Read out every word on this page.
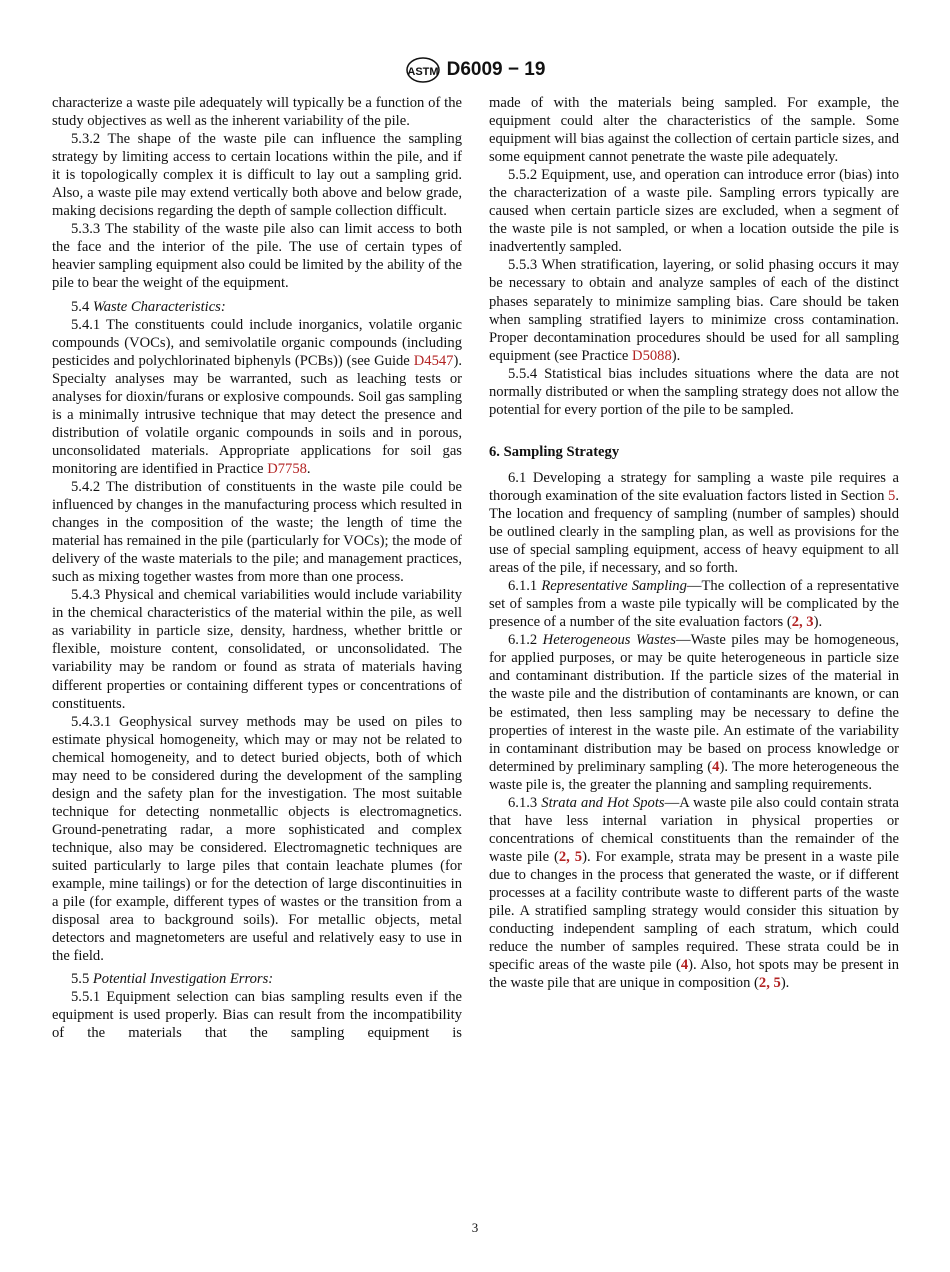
ASTM D6009 − 19

characterize a waste pile adequately will typically be a function of the study objectives as well as the inherent variability of the pile.

5.3.2 The shape of the waste pile can influence the sampling strategy by limiting access to certain locations within the pile, and if it is topologically complex it is difficult to lay out a sampling grid. Also, a waste pile may extend vertically both above and below grade, making decisions regarding the depth of sample collection difficult.

5.3.3 The stability of the waste pile also can limit access to both the face and the interior of the pile. The use of certain types of heavier sampling equipment also could be limited by the ability of the pile to bear the weight of the equipment.

5.4 Waste Characteristics:

5.4.1 The constituents could include inorganics, volatile organic compounds (VOCs), and semivolatile organic compounds (including pesticides and polychlorinated biphenyls (PCBs)) (see Guide D4547). Specialty analyses may be warranted, such as leaching tests or analyses for dioxin/furans or explosive compounds. Soil gas sampling is a minimally intrusive technique that may detect the presence and distribution of volatile organic compounds in soils and in porous, unconsolidated materials. Appropriate applications for soil gas monitoring are identified in Practice D7758.

5.4.2 The distribution of constituents in the waste pile could be influenced by changes in the manufacturing process which resulted in changes in the composition of the waste; the length of time the material has remained in the pile (particularly for VOCs); the mode of delivery of the waste materials to the pile; and management practices, such as mixing together wastes from more than one process.

5.4.3 Physical and chemical variabilities would include variability in the chemical characteristics of the material within the pile, as well as variability in particle size, density, hardness, whether brittle or flexible, moisture content, consolidated, or unconsolidated. The variability may be random or found as strata of materials having different properties or containing different types or concentrations of constituents.

5.4.3.1 Geophysical survey methods may be used on piles to estimate physical homogeneity, which may or may not be related to chemical homogeneity, and to detect buried objects, both of which may need to be considered during the development of the sampling design and the safety plan for the investigation. The most suitable technique for detecting nonmetallic objects is electromagnetics. Ground-penetrating radar, a more sophisticated and complex technique, also may be considered. Electromagnetic techniques are suited particularly to large piles that contain leachate plumes (for example, mine tailings) or for the detection of large discontinuities in a pile (for example, different types of wastes or the transition from a disposal area to background soils). For metallic objects, metal detectors and magnetometers are useful and relatively easy to use in the field.

5.5 Potential Investigation Errors:

5.5.1 Equipment selection can bias sampling results even if the equipment is used properly. Bias can result from the incompatibility of the materials that the sampling equipment is

made of with the materials being sampled. For example, the equipment could alter the characteristics of the sample. Some equipment will bias against the collection of certain particle sizes, and some equipment cannot penetrate the waste pile adequately.

5.5.2 Equipment, use, and operation can introduce error (bias) into the characterization of a waste pile. Sampling errors typically are caused when certain particle sizes are excluded, when a segment of the waste pile is not sampled, or when a location outside the pile is inadvertently sampled.

5.5.3 When stratification, layering, or solid phasing occurs it may be necessary to obtain and analyze samples of each of the distinct phases separately to minimize sampling bias. Care should be taken when sampling stratified layers to minimize cross contamination. Proper decontamination procedures should be used for all sampling equipment (see Practice D5088).

5.5.4 Statistical bias includes situations where the data are not normally distributed or when the sampling strategy does not allow the potential for every portion of the pile to be sampled.

6. Sampling Strategy

6.1 Developing a strategy for sampling a waste pile requires a thorough examination of the site evaluation factors listed in Section 5. The location and frequency of sampling (number of samples) should be outlined clearly in the sampling plan, as well as provisions for the use of special sampling equipment, access of heavy equipment to all areas of the pile, if necessary, and so forth.

6.1.1 Representative Sampling—The collection of a representative set of samples from a waste pile typically will be complicated by the presence of a number of the site evaluation factors (2, 3).

6.1.2 Heterogeneous Wastes—Waste piles may be homogeneous, for applied purposes, or may be quite heterogeneous in particle size and contaminant distribution. If the particle sizes of the material in the waste pile and the distribution of contaminants are known, or can be estimated, then less sampling may be necessary to define the properties of interest in the waste pile. An estimate of the variability in contaminant distribution may be based on process knowledge or determined by preliminary sampling (4). The more heterogeneous the waste pile is, the greater the planning and sampling requirements.

6.1.3 Strata and Hot Spots—A waste pile also could contain strata that have less internal variation in physical properties or concentrations of chemical constituents than the remainder of the waste pile (2, 5). For example, strata may be present in a waste pile due to changes in the process that generated the waste, or if different processes at a facility contribute waste to different parts of the waste pile. A stratified sampling strategy would consider this situation by conducting independent sampling of each stratum, which could reduce the number of samples required. These strata could be in specific areas of the waste pile (4). Also, hot spots may be present in the waste pile that are unique in composition (2, 5).

3
